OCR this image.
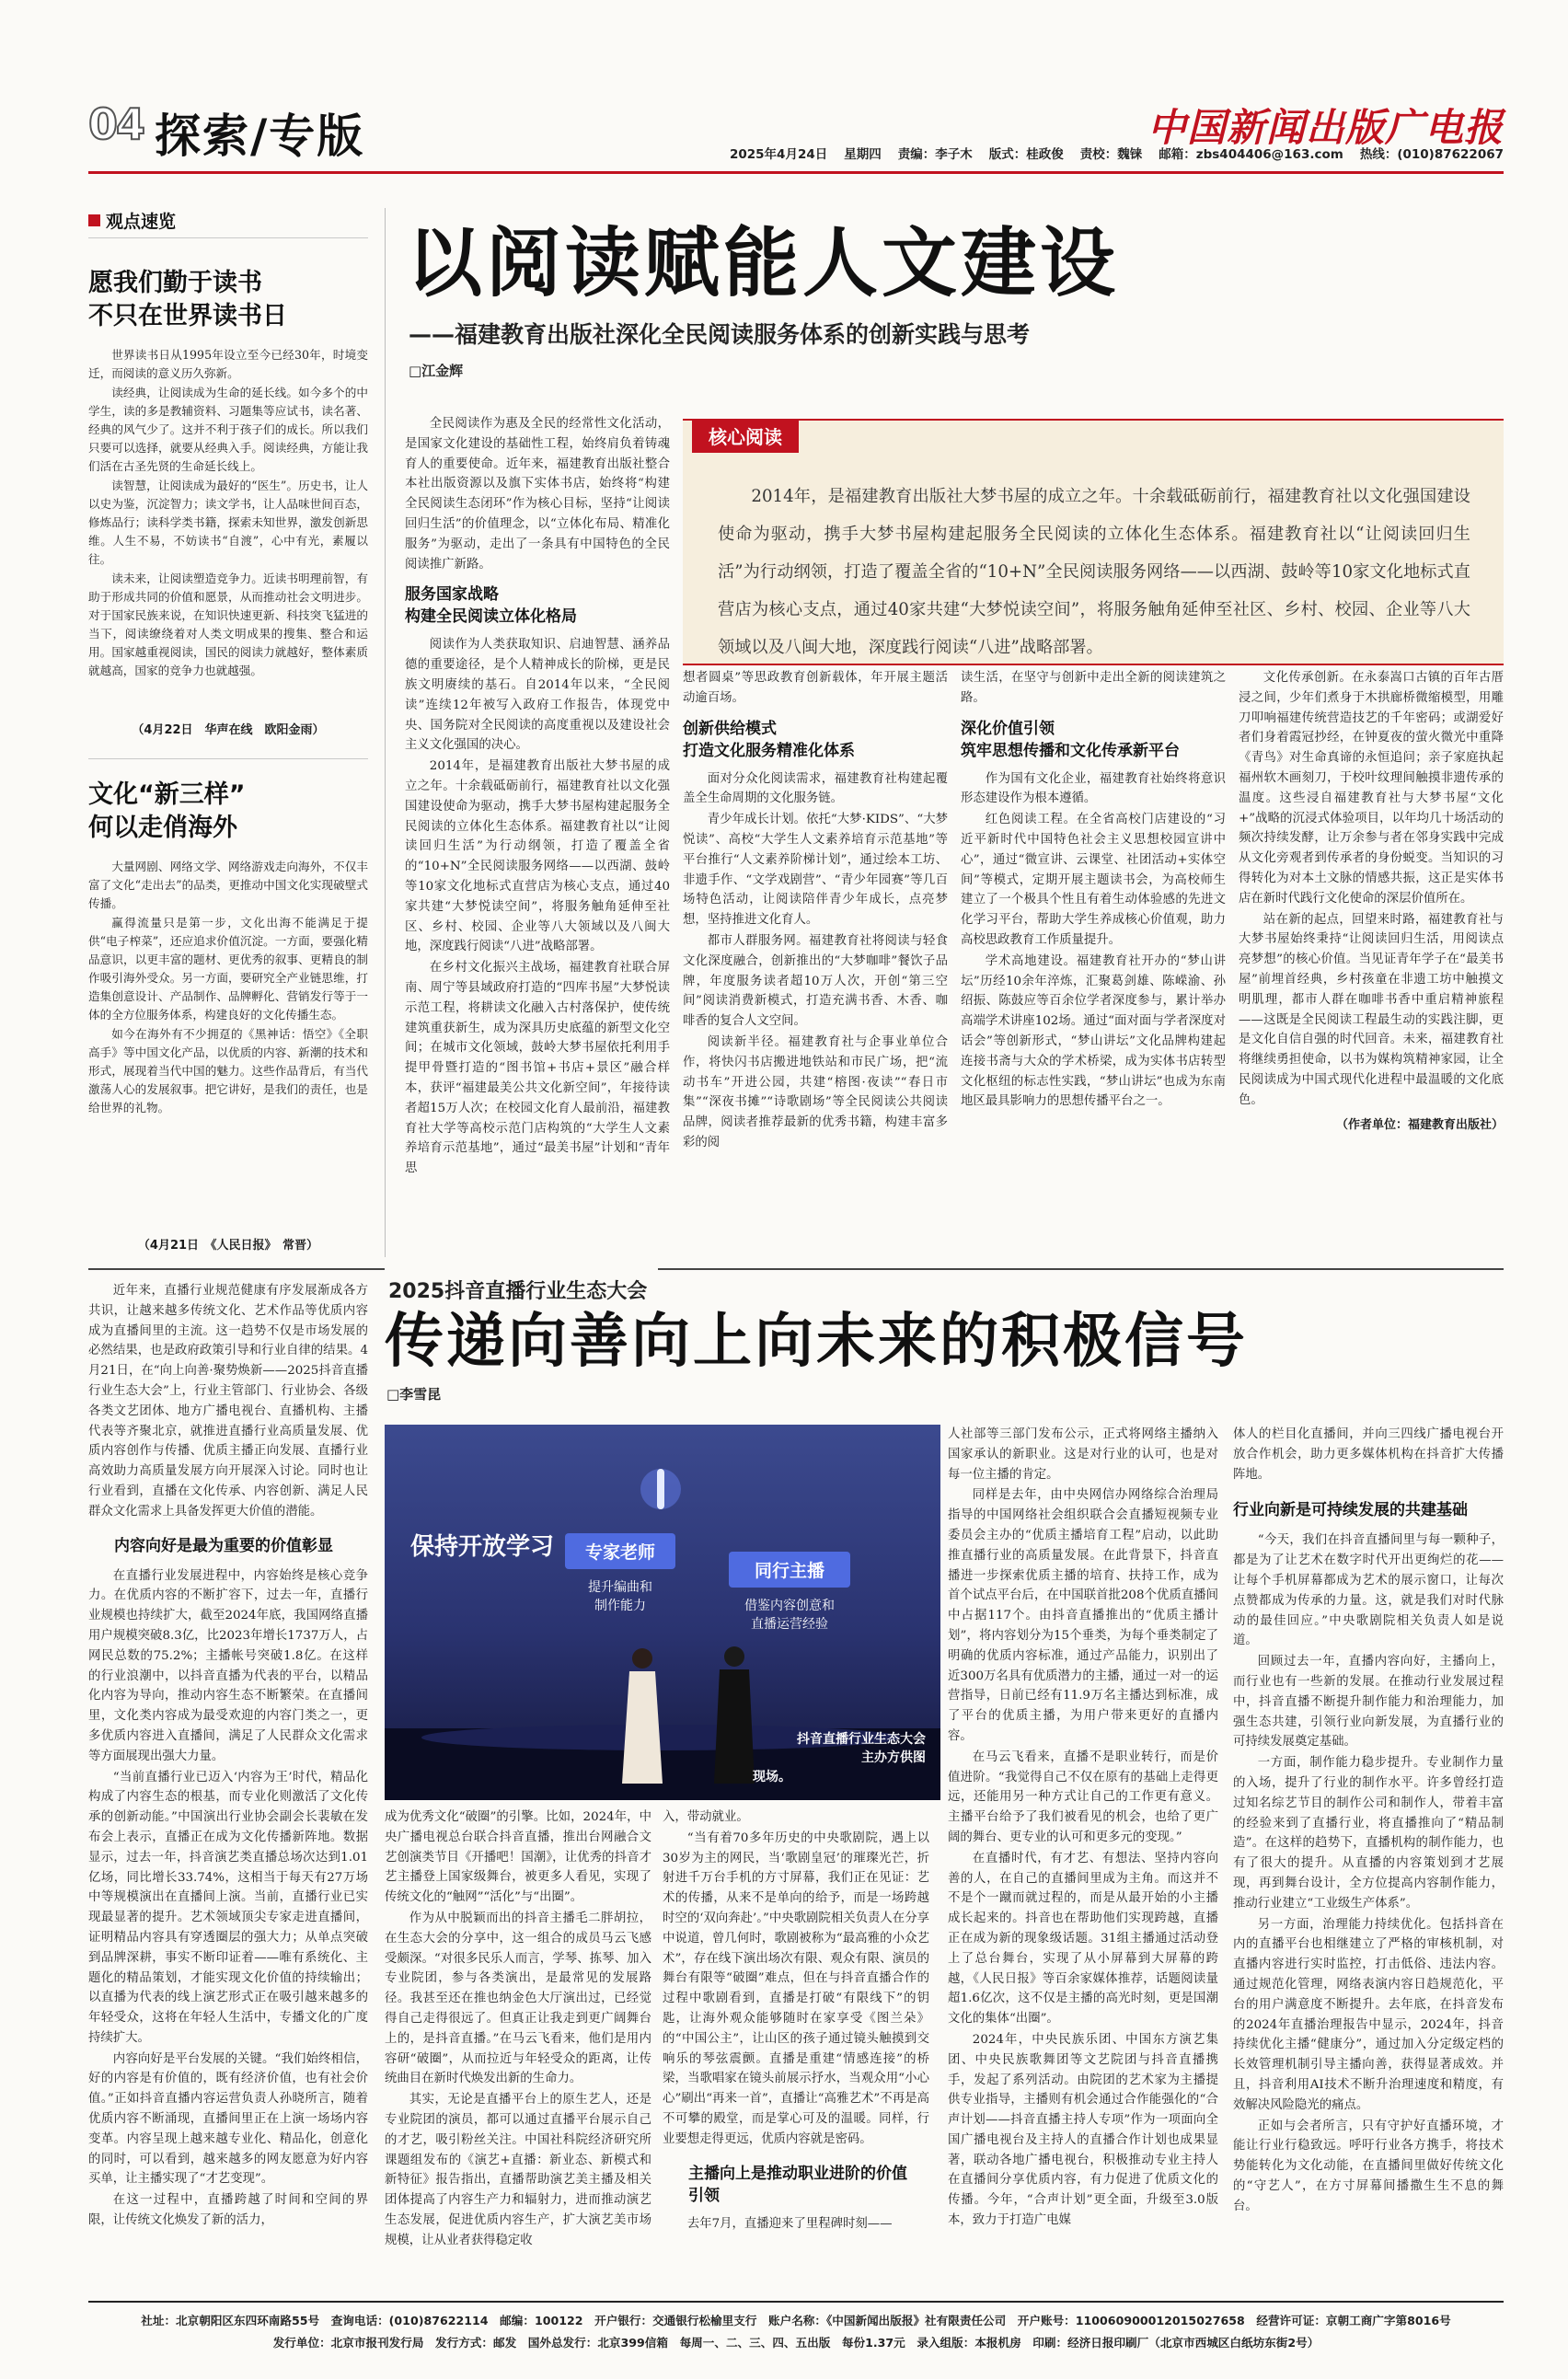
04 探索/专版	中国新闻出版广电报
2025年4月24日 星期四 责编：李子木 版式：桂政俊 责校：魏铼 邮箱：zbs404406@163.com 热线：(010)87622067
观点速览
愿我们勤于读书
不只在世界读书日

世界读书日从1995年设立至今已经30年，时境变迁，而阅读的意义历久弥新。

读经典，让阅读成为生命的延长线。如今多个的中学生，读的多是教辅资料、习题集等应试书，读名著、经典的风气少了。这并不利于孩子们的成长。所以我们只要可以选择，就要从经典入手。阅读经典，方能让我们活在古圣先贤的生命延长线上。

读智慧，让阅读成为最好的“医生”。历史书，让人以史为鉴，沉淀智力；读文学书，让人品味世间百态，修炼品行；读科学类书籍，探索未知世界，激发创新思维。人生不易，不妨读书“自渡”，心中有光，素履以往。

读未来，让阅读塑造竞争力。近读书明理前智，有助于形成共同的价值和愿景，从而推动社会文明进步。对于国家民族来说，在知识快速更新、科技突飞猛进的当下，阅读缭绕着对人类文明成果的搜集、整合和运用。国家越重视阅读，国民的阅读力就越好，整体素质就越高，国家的竞争力也就越强。

（4月22日　华声在线　欧阳金雨）
文化“新三样”
何以走俏海外

大量网剧、网络文学、网络游戏走向海外，不仅丰富了文化“走出去”的品类，更推动中国文化实现破壁式传播。

赢得流量只是第一步，文化出海不能满足于提供“电子榨菜”，还应追求价值沉淀。一方面，要强化精品意识，以更丰富的题材、更优秀的叙事、更精良的制作吸引海外受众。另一方面，要研究全产业链思维，打造集创意设计、产品制作、品牌孵化、营销发行等于一体的全方位服务体系，构建良好的文化传播生态。

如今在海外有不少拥趸的《黑神话：悟空》《全职高手》等中国文化产品，以优质的内容、新潮的技术和形式，展现着当代中国的魅力。这些作品背后，有当代激荡人心的发展叙事。把它讲好，是我们的责任，也是给世界的礼物。

（4月21日　《人民日报》　常晋）
以阅读赋能人文建设
——福建教育出版社深化全民阅读服务体系的创新实践与思考
□江金辉
核心阅读
2014年，是福建教育出版社大梦书屋的成立之年。十余载砥砺前行，福建教育社以文化强国建设使命为驱动，携手大梦书屋构建起服务全民阅读的立体化生态体系。福建教育社以“让阅读回归生活”为行动纲领，打造了覆盖全省的“10+N”全民阅读服务网络——以西湖、鼓岭等10家文化地标式直营店为核心支点，通过40家共建“大梦悦读空间”，将服务触角延伸至社区、乡村、校园、企业等八大领域以及八闽大地，深度践行阅读“八进”战略部署。

全民阅读作为惠及全民的经常性文化活动，是国家文化建设的基础性工程，始终肩负着铸魂育人的重要使命。近年来，福建教育出版社整合本社出版资源以及旗下实体书店，始终将“构建全民阅读生态闭环”作为核心目标，坚持“让阅读回归生活”的价值理念，以“立体化布局、精准化服务”为驱动，走出了一条具有中国特色的全民阅读推广新路。

服务国家战略
构建全民阅读立体化格局

阅读作为人类获取知识、启迪智慧、涵养品德的重要途径，是个人精神成长的阶梯，更是民族文明赓续的基石。自2014年以来，“全民阅读”连续12年被写入政府工作报告，体现党中央、国务院对全民阅读的高度重视以及建设社会主义文化强国的决心。

2014年，是福建教育出版社大梦书屋的成立之年。十余载砥砺前行，福建教育社以文化强国建设使命为驱动，携手大梦书屋构建起服务全民阅读的立体化生态体系。福建教育社以“让阅读回归生活”为行动纲领，打造了覆盖全省的“10+N”全民阅读服务网络——以西湖、鼓岭等10家文化地标式直营店为核心支点，通过40家共建“大梦悦读空间”，将服务触角延伸至社区、乡村、校园、企业等八大领域以及八闽大地，深度践行阅读“八进”战略部署。

在乡村文化振兴主战场，福建教育社联合屏南、周宁等县域政府打造的“四库书屋”大梦悦读示范工程，将耕读文化融入古村落保护，使传统建筑重获新生，成为深具历史底蕴的新型文化空间；在城市文化领域，鼓岭大梦书屋依托利用手提甲骨暨打造的“图书馆+书店+景区”融合样本，获评“福建最美公共文化新空间”，年接待读者超15万人次；在校园文化育人最前沿，福建教育社大学等高校示范门店构筑的“大学生人文素养培育示范基地”，通过“最美书屋”计划和“青年思

想者圆桌”等思政教育创新载体，年开展主题活动逾百场。

创新供给模式
打造文化服务精准化体系

面对分众化阅读需求，福建教育社构建起覆盖全生命周期的文化服务链。

青少年成长计划。依托“大梦·KIDS”、“大梦悦读”、高校“大学生人文素养培育示范基地”等平台推行“人文素养阶梯计划”，通过绘本工坊、非遗手作、“文学戏剧营”、“青少年园赛”等几百场特色活动，让阅读陪伴青少年成长，点亮梦想，坚持推进文化育人。

都市人群服务网。福建教育社将阅读与轻食文化深度融合，创新推出的“大梦咖啡”餐饮子品牌，年度服务读者超10万人次，开创“第三空间”阅读消费新模式，打造充满书香、木香、咖啡香的复合人文空间。

阅读新半径。福建教育社与企事业单位合作，将快闪书店搬进地铁站和市民广场，把“流动书车”开进公园，共建“榕图·夜读”“春日市集”“深夜书摊”“诗歌剧场”等全民阅读公共阅读品牌，阅读者推荐最新的优秀书籍，构建丰富多彩的阅

读生活，在坚守与创新中走出全新的阅读建筑之路。

深化价值引领
筑牢思想传播和文化传承新平台

作为国有文化企业，福建教育社始终将意识形态建设作为根本遵循。

红色阅读工程。在全省高校门店建设的“习近平新时代中国特色社会主义思想校园宣讲中心”，通过“微宣讲、云课堂、社团活动+实体空间”等模式，定期开展主题读书会，为高校师生建立了一个极具个性且有着生动体验感的先进文化学习平台，帮助大学生养成核心价值观，助力高校思政教育工作质量提升。

学术高地建设。福建教育社开办的“梦山讲坛”历经10余年淬炼，汇聚葛剑雄、陈嵘渝、孙绍振、陈鼓应等百余位学者深度参与，累计举办高端学术讲座102场。通过“面对面与学者深度对话会”等创新形式，“梦山讲坛”文化品牌构建起连接书斋与大众的学术桥梁，成为实体书店转型文化枢纽的标志性实践，“梦山讲坛”也成为东南地区最具影响力的思想传播平台之一。

文化传承创新。在永泰嵩口古镇的百年古厝浸之间，少年们煮身于木拱廊桥微缩模型，用雕刀叩响福建传统营造技艺的千年密码；或湖爱好者们身着霞冠抄经，在钟夏夜的萤火微光中重降《青鸟》对生命真谛的永恒追问；亲子家庭执起福州软木画刻刀，于校叶纹理间触摸非遗传承的温度。这些浸自福建教育社与大梦书屋“文化+”战略的沉浸式体验项目，以年均几十场活动的频次持续发酵，让万余参与者在邻身实践中完成从文化旁观者到传承者的身份蜕变。当知识的习得转化为对本土文脉的情感共振，这正是实体书店在新时代践行文化使命的深层价值所在。

站在新的起点，回望来时路，福建教育社与大梦书屋始终秉持“让阅读回归生活，用阅读点亮梦想”的核心价值。当见证青年学子在“最美书屋”前埋首经典，乡村孩童在非遗工坊中触摸文明肌理，都市人群在咖啡书香中重启精神旅程——这既是全民阅读工程最生动的实践注脚，更是文化自信自强的时代回音。未来，福建教育社将继续勇担使命，以书为媒构筑精神家园，让全民阅读成为中国式现代化进程中最温暖的文化底色。

（作者单位：福建教育出版社）

近年来，直播行业规范健康有序发展渐成各方共识，让越来越多传统文化、艺术作品等优质内容成为直播间里的主流。这一趋势不仅是市场发展的必然结果，也是政府政策引导和行业自律的结果。4月21日，在“向上向善·聚势焕新——2025抖音直播行业生态大会”上，行业主管部门、行业协会、各级各类文艺团体、地方广播电视台、直播机构、主播代表等齐聚北京，就推进直播行业高质量发展、优质内容创作与传播、优质主播正向发展、直播行业高效助力高质量发展方向开展深入讨论。同时也让行业看到，直播在文化传承、内容创新、满足人民群众文化需求上具备发挥更大价值的潜能。

内容向好是最为重要的价值彰显

在直播行业发展进程中，内容始终是核心竞争力。在优质内容的不断扩容下，过去一年，直播行业规模也持续扩大，截至2024年底，我国网络直播用户规模突破8.3亿，比2023年增长1737万人，占网民总数的75.2%；主播帐号突破1.8亿。在这样的行业浪潮中，以抖音直播为代表的平台，以精品化内容为导向，推动内容生态不断繁荣。在直播间里，文化类内容成为最受欢迎的内容门类之一，更多优质内容进入直播间，满足了人民群众文化需求等方面展现出强大力量。

“当前直播行业已迈入‘内容为王’时代，精品化构成了内容生态的根基，而专业化则激活了文化传承的创新动能。”中国演出行业协会副会长裴敏在发布会上表示，直播正在成为文化传播新阵地。数据显示，过去一年，抖音演艺类直播总场次达到1.01亿场，同比增长33.74%，这相当于每天有27万场中等规模演出在直播间上演。当前，直播行业已实现最显著的提升。艺术领域顶尖专家走进直播间，证明精品内容具有穿透圈层的强大力；从单点突破到品牌深耕，事实不断印证着——唯有系统化、主题化的精品策划，才能实现文化价值的持续输出；以直播为代表的线上演艺形式正在吸引越来越多的年轻受众，这将在年轻人生活中，专播文化的广度持续扩大。

内容向好是平台发展的关键。“我们始终相信，好的内容是有价值的，既有经济价值，也有社会价值。”正如抖音直播内容运营负责人孙晓所言，随着优质内容不断涌现，直播间里正在上演一场场内容变革。内容呈现上越来越专业化、精品化，创意化的同时，可以看到，越来越多的网友愿意为好内容买单，让主播实现了“才艺变现”。

在这一过程中，直播跨越了时间和空间的界限，让传统文化焕发了新的活力，

2025抖音直播行业生态大会
传递向善向上向未来的积极信号
□李雪昆
保持开放学习	专家老师
提升编曲和
制作能力
同行主播
借鉴内容创意和
直播运营经验

抖音直播行业生态大会
主办方供图

现场。

成为优秀文化“破圈”的引擎。比如，2024年，中央广播电视总台联合抖音直播，推出台网融合文艺创演类节目《开播吧！国潮》，让优秀的抖音才艺主播登上国家级舞台，被更多人看见，实现了传统文化的“触网”“活化”与“出圈”。

作为从中脱颖而出的抖音主播毛二胖胡拉，在生态大会的分享中，这一组合的成员马云飞感受颇深。“对很多民乐人而言，学琴、拣琴、加入专业院团，参与各类演出，是最常见的发展路径。我甚至还在推也纳金色大厅演出过，已经觉得自己走得很远了。但真正让我走到更广阔舞台上的，是抖音直播。”在马云飞看来，他们是用内容研“破圈”，从而拉近与年轻受众的距离，让传统曲目在新时代焕发出新的生命力。

其实，无论是直播平台上的原生艺人，还是专业院团的演员，都可以通过直播平台展示自己的才艺，吸引粉丝关注。中国社科院经济研究所课题组发布的《演艺+直播：新业态、新模式和新特征》报告指出，直播帮助演艺美主播及相关团体提高了内容生产力和辐射力，进而推动演艺生态发展，促进优质内容生产，扩大演艺美市场规模，让从业者获得稳定收

入，带动就业。

“当有着70多年历史的中央歌剧院，遇上以30岁为主的网民，当‘歌剧皇冠’的璀璨光芒，折射进千万台手机的方寸屏幕，我们正在见证：艺术的传播，从来不是单向的给予，而是一场跨越时空的‘双向奔赴’。”中央歌剧院相关负责人在分享中说道，曾几何时，歌剧被称为“最高雅的小众艺术”，存在线下演出场次有限、观众有限、演员的舞台有限等“破圈”难点，但在与抖音直播合作的过程中歌剧看到，直播是打破“有限线下”的钥匙，让海外观众能够随时在家享受《图兰朵》的“中国公主”，让山区的孩子通过镜头触摸到交响乐的琴弦震颤。直播是重建“情感连接”的桥梁，当歌唱家在镜头前展示抒水，当观众用“小心心”刷出“再来一首”，直播让“高雅艺术”不再是高不可攀的殿堂，而是掌心可及的温暖。同样，行业要想走得更远，优质内容就是密码。

主播向上是推动职业进阶的价值引领

去年7月，直播迎来了里程碑时刻——

人社部等三部门发布公示，正式将网络主播纳入国家承认的新职业。这是对行业的认可，也是对每一位主播的肯定。

同样是去年，由中央网信办网络综合治理局指导的中国网络社会组织联合会直播短视频专业委员会主办的“优质主播培育工程”启动，以此助推直播行业的高质量发展。在此背景下，抖音直播进一步探索优质主播的培育、扶持工作，成为首个试点平台后，在中国联首批208个优质直播间中占据117个。由抖音直播推出的“优质主播计划”，将内容划分为15个垂类，为每个垂类制定了明确的优质内容标准，通过产品能力，识别出了近300万名具有优质潜力的主播，通过一对一的运营指导，日前已经有11.9万名主播达到标准，成了平台的优质主播，为用户带来更好的直播内容。

在马云飞看来，直播不是职业转行，而是价值进阶。“我觉得自己不仅在原有的基础上走得更远，还能用另一种方式让自己的工作更有意义。主播平台给予了我们被看见的机会，也给了更广阔的舞台、更专业的认可和更多元的变现。”

在直播时代，有才艺、有想法、坚持内容向善的人，在自己的直播间里成为主角。而这并不不是个一蹴而就过程的，而是从最开始的小主播成长起来的。抖音也在帮助他们实现跨越，直播正在成为新的现象级话题。31组主播通过活动登上了总台舞台，实现了从小屏幕到大屏幕的跨越，《人民日报》等百余家媒体推荐，话题阅读量超1.6亿次，这不仅是主播的高光时刻，更是国潮文化的集体“出圈”。

2024年，中央民族乐团、中国东方演艺集团、中央民族歌舞团等文艺院团与抖音直播携手，发起了系列活动。由院团的艺术家为主播提供专业指导，主播则有机会通过合作能强化的“合声计划——抖音直播主持人专项”作为一项面向全国广播电视台及主持人的直播合作计划也成果显著，联动各地广播电视台，积极推动专业主持人在直播间分享优质内容，有力促进了优质文化的传播。今年，“合声计划”更全面，升级至3.0版本，致力于打造广电媒

体人的栏目化直播间，并向三四线广播电视台开放合作机会，助力更多媒体机构在抖音扩大传播阵地。

行业向新是可持续发展的共建基础

“今天，我们在抖音直播间里与每一颗种子，都是为了让艺术在数字时代开出更绚烂的花——让每个手机屏幕都成为艺术的展示窗口，让每次点赞都成为传承的力量。这，就是我们对时代脉动的最佳回应。”中央歌剧院相关负责人如是说道。

回顾过去一年，直播内容向好，主播向上，而行业也有一些新的发展。在推动行业发展过程中，抖音直播不断提升制作能力和治理能力，加强生态共建，引领行业向新发展，为直播行业的可持续发展奠定基础。

一方面，制作能力稳步提升。专业制作力量的入场，提升了行业的制作水平。许多曾经打造过知名综艺节目的制作公司和制作人，带着丰富的经验来到了直播行业，将直播推向了“精品制造”。在这样的趋势下，直播机构的制作能力，也有了很大的提升。从直播的内容策划到才艺展现，再到舞台设计，全方位提高内容制作能力，推动行业建立“工业级生产体系”。

另一方面，治理能力持续优化。包括抖音在内的直播平台也相继建立了严格的审核机制，对直播内容进行实时监控，打击低俗、违法内容。通过规范化管理，网络表演内容日趋规范化，平台的用户满意度不断提升。去年底，在抖音发布的2024年直播治理报告中显示，2024年，抖音持续优化主播“健康分”，通过加入分定级定档的长效管理机制引导主播向善，获得显著成效。并且，抖音利用AI技术不断升治理速度和精度，有效解决风险隐光的痛点。

正如与会者所言，只有守护好直播环境，才能让行业行稳致远。呼吁行业各方携手，将技术势能转化为文化动能，在直播间里做好传统文化的“守艺人”，在方寸屏幕间播撒生生不息的舞台。

社址：北京朝阳区东四环南路55号　查询电话：(010)87622114　邮编：100122　开户银行：交通银行松榆里支行　账户名称：《中国新闻出版报》社有限责任公司　开户账号：110060900012015027658　经营许可证：京朝工商广字第8016号
发行单位：北京市报刊发行局　发行方式：邮发　国外总发行：北京399信箱　每周一、二、三、四、五出版　每份1.37元　录入组版：本报机房　印刷：经济日报印刷厂（北京市西城区白纸坊东街2号）
